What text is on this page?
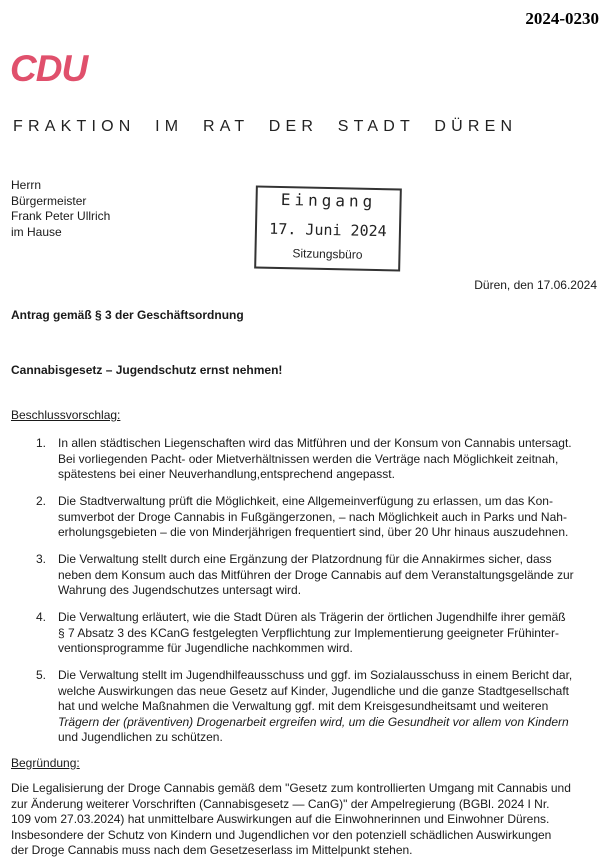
2024-0230
CDU
FRAKTION IM RAT DER STADT DÜREN
Herrn
Bürgermeister
Frank Peter Ullrich
im Hause
Eingang
17. Juni 2024
Sitzungsbüro
Düren, den 17.06.2024
Antrag gemäß § 3 der Geschäftsordnung
Cannabisgesetz – Jugendschutz ernst nehmen!
Beschlussvorschlag:
1. In allen städtischen Liegenschaften wird das Mitführen und der Konsum von Cannabis untersagt.
Bei vorliegenden Pacht- oder Mietverhältnissen werden die Verträge nach Möglichkeit zeitnah,
spätestens bei einer Neuverhandlung,entsprechend angepasst.
2. Die Stadtverwaltung prüft die Möglichkeit, eine Allgemeinverfügung zu erlassen, um das Kon-
sumverbot der Droge Cannabis in Fußgängerzonen, – nach Möglichkeit auch in Parks und Nah-
erholungsgebieten – die von Minderjährigen frequentiert sind, über 20 Uhr hinaus auszudehnen.
3. Die Verwaltung stellt durch eine Ergänzung der Platzordnung für die Annakirmes sicher, dass
neben dem Konsum auch das Mitführen der Droge Cannabis auf dem Veranstaltungsgelände zur
Wahrung des Jugendschutzes untersagt wird.
4. Die Verwaltung erläutert, wie die Stadt Düren als Trägerin der örtlichen Jugendhilfe ihrer gemäß
§ 7 Absatz 3 des KCanG festgelegten Verpflichtung zur Implementierung geeigneter Frühinter-
ventionsprogramme für Jugendliche nachkommen wird.
5. Die Verwaltung stellt im Jugendhilfeausschuss und ggf. im Sozialausschuss in einem Bericht dar,
welche Auswirkungen das neue Gesetz auf Kinder, Jugendliche und die ganze Stadtgesellschaft
hat und welche Maßnahmen die Verwaltung ggf. mit dem Kreisgesundheitsamt und weiteren
Trägern der (präventiven) Drogenarbeit ergreifen wird, um die Gesundheit vor allem von Kindern
und Jugendlichen zu schützen.
Begründung:
Die Legalisierung der Droge Cannabis gemäß dem "Gesetz zum kontrollierten Umgang mit Cannabis und
zur Änderung weiterer Vorschriften (Cannabisgesetz — CanG)" der Ampelregierung (BGBl. 2024 I Nr.
109 vom 27.03.2024) hat unmittelbare Auswirkungen auf die Einwohnerinnen und Einwohner Dürens.
Insbesondere der Schutz von Kindern und Jugendlichen vor den potenziell schädlichen Auswirkungen
der Droge Cannabis muss nach dem Gesetzeserlass im Mittelpunkt stehen.
